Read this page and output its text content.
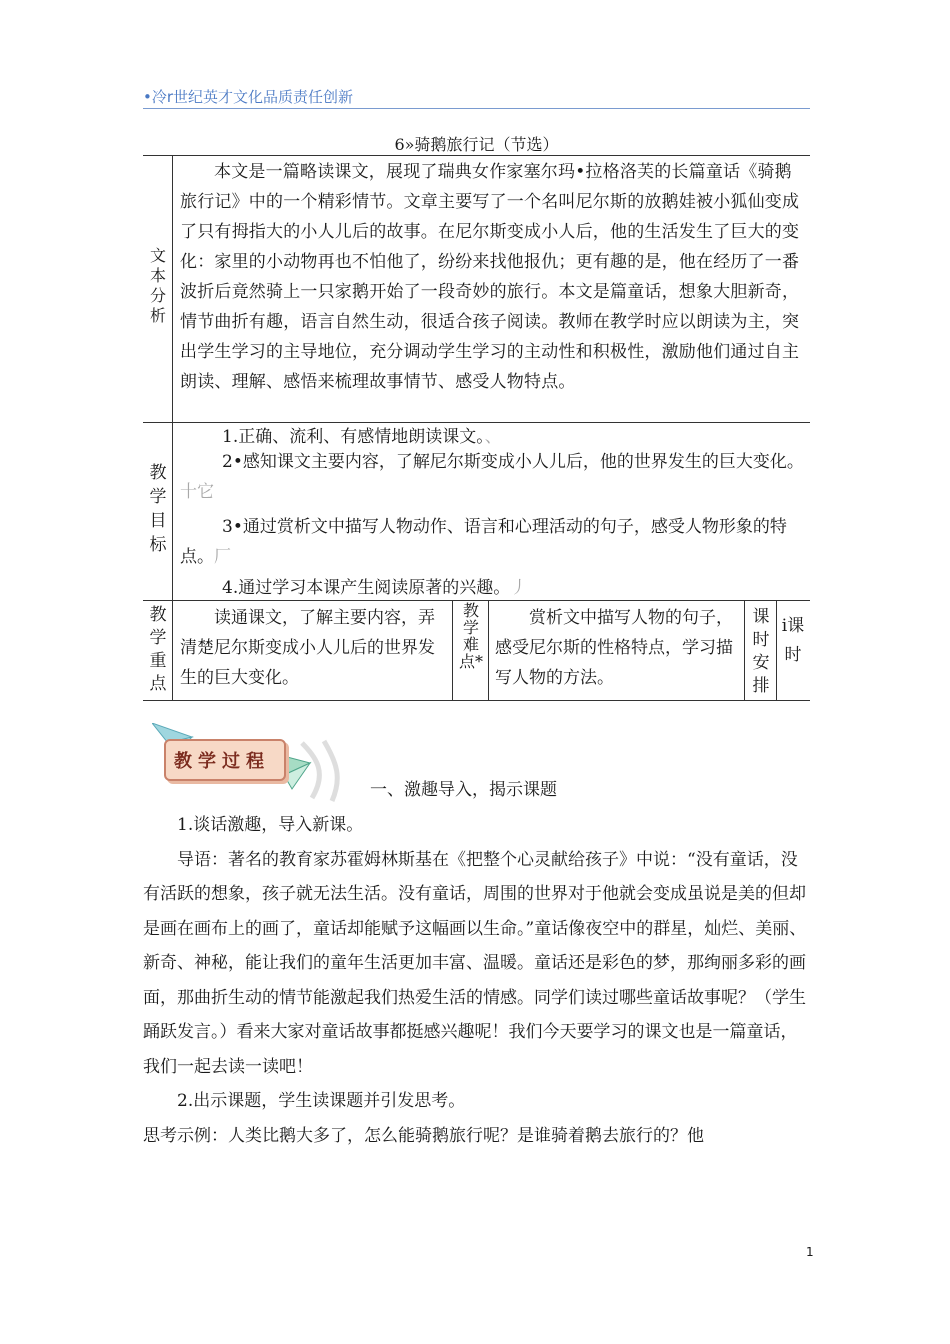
•冷r世纪英才文化品质责任创新
6»骑鹅旅行记（节选）
文本分析

本文是一篇略读课文，展现了瑞典女作家塞尔玛•拉格洛芙的长篇童话《骑鹅旅行记》中的一个精彩情节。文章主要写了一个名叫尼尔斯的放鹅娃被小狐仙变成了只有拇指大的小人儿后的故事。在尼尔斯变成小人后，他的生活发生了巨大的变化：家里的小动物再也不怕他了，纷纷来找他报仇；更有趣的是，他在经历了一番波折后竟然骑上一只家鹅开始了一段奇妙的旅行。本文是篇童话，想象大胆新奇，情节曲折有趣，语言自然生动，很适合孩子阅读。教师在教学时应以朗读为主，突出学生学习的主导地位，充分调动学生学习的主动性和积极性，激励他们通过自主朗读、理解、感悟来梳理故事情节、感受人物特点。

教学目标
1.正确、流利、有感情地朗读课文。、
2•感知课文主要内容，了解尼尔斯变成小人儿后，他的世界发生的巨大变化。十它
3•通过赏析文中描写人物动作、语言和心理活动的句子，感受人物形象的特点。厂
4.通过学习本课产生阅读原著的兴趣。丿
教学重点

读通课文，了解主要内容，弄清楚尼尔斯变成小人儿后的世界发生的巨大变化。

教学难点*

赏析文中描写人物的句子，感受尼尔斯的性格特点，学习描写人物的方法。

课时安排
i课时
教学过程
一、激趣导入，揭示课题

1.谈话激趣，导入新课。

导语：著名的教育家苏霍姆林斯基在《把整个心灵献给孩子》中说：“没有童话，没有活跃的想象，孩子就无法生活。没有童话，周围的世界对于他就会变成虽说是美的但却是画在画布上的画了，童话却能赋予这幅画以生命。”童话像夜空中的群星，灿烂、美丽、新奇、神秘，能让我们的童年生活更加丰富、温暖。童话还是彩色的梦，那绚丽多彩的画面，那曲折生动的情节能激起我们热爱生活的情感。同学们读过哪些童话故事呢？（学生踊跃发言。）看来大家对童话故事都挺感兴趣呢！我们今天要学习的课文也是一篇童话，我们一起去读一读吧！

2.出示课题，学生读课题并引发思考。

思考示例：人类比鹅大多了，怎么能骑鹅旅行呢？是谁骑着鹅去旅行的？他

1
